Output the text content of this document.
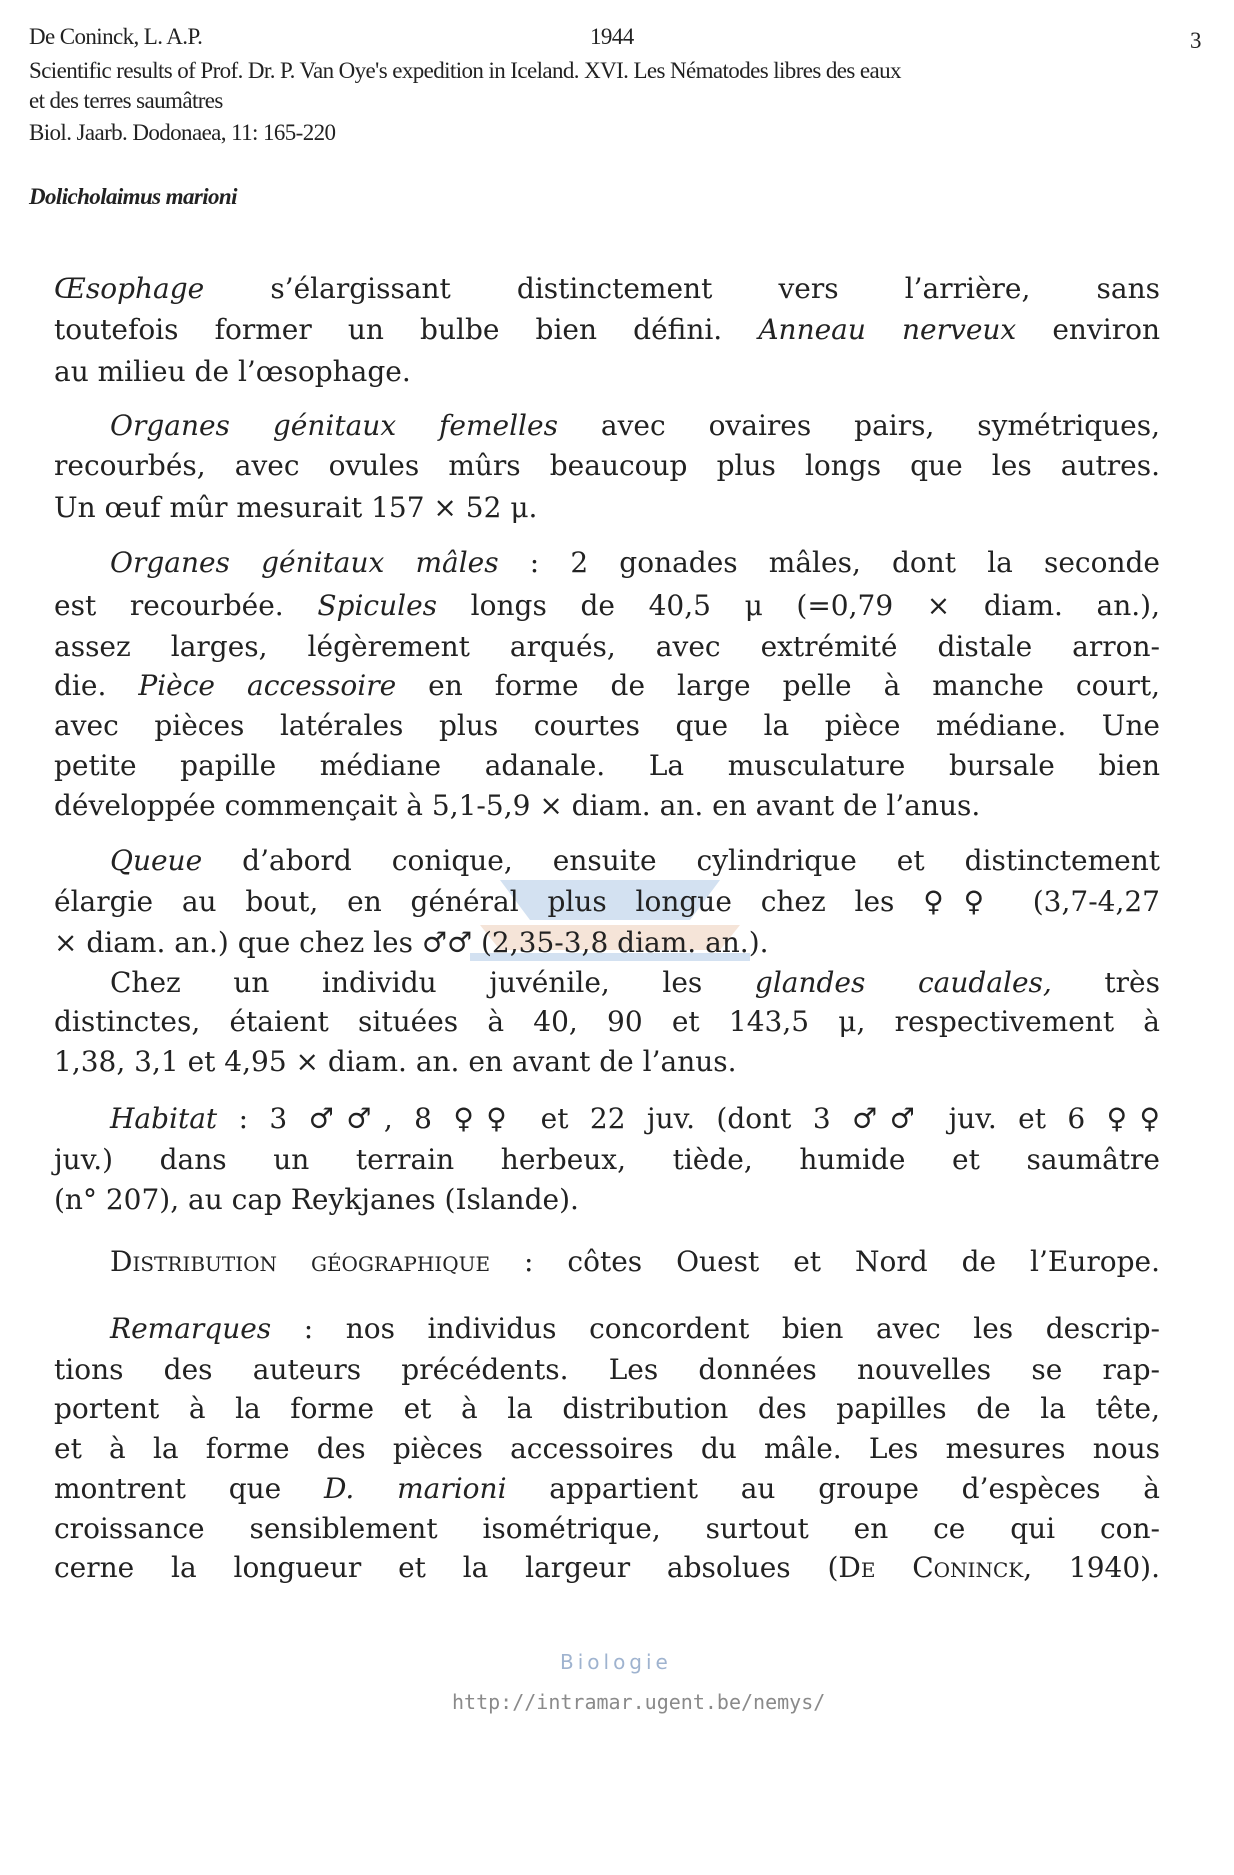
De Coninck, L. A.P.	1944	3
Scientific results of Prof. Dr. P. Van Oye's expedition in Iceland. XVI. Les Nématodes libres des eaux
et des terres saumâtres
Biol. Jaarb. Dodonaea, 11: 165-220
Dolicholaimus marioni
Biologie
http://intramar.ugent.be/nemys/
Œsophage s’élargissant distinctement vers l’arrière, sans
toutefois former un bulbe bien défini. Anneau nerveux environ
au milieu de l’œsophage.
  Organes génitaux femelles avec ovaires pairs, symétriques,
recourbés, avec ovules mûrs beaucoup plus longs que les autres.
Un œuf mûr mesurait 157 × 52 μ.
  Organes génitaux mâles : 2 gonades mâles, dont la seconde
est recourbée. Spicules longs de 40,5 μ (=0,79 × diam. an.),
assez larges, légèrement arqués, avec extrémité distale arron-
die. Pièce accessoire en forme de large pelle à manche court,
avec pièces latérales plus courtes que la pièce médiane. Une
petite papille médiane adanale. La musculature bursale bien
développée commençait à 5,1-5,9 × diam. an. en avant de l’anus.
  Queue d’abord conique, ensuite cylindrique et distinctement
élargie au bout, en général plus longue chez les ♀♀ (3,7-4,27
× diam. an.) que chez les ♂♂ (2,35-3,8 diam. an.).
  Chez un individu juvénile, les glandes caudales, très
distinctes, étaient situées à 40, 90 et 143,5 μ, respectivement à
1,38, 3,1 et 4,95 × diam. an. en avant de l’anus.
  Habitat : 3 ♂♂, 8 ♀♀ et 22 juv. (dont 3 ♂♂ juv. et 6 ♀♀
juv.) dans un terrain herbeux, tiède, humide et saumâtre
(n° 207), au cap Reykjanes (Islande).
  Distribution géographique : côtes Ouest et Nord de l’Europe.
  Remarques : nos individus concordent bien avec les descrip-
tions des auteurs précédents. Les données nouvelles se rap-
portent à la forme et à la distribution des papilles de la tête,
et à la forme des pièces accessoires du mâle. Les mesures nous
montrent que D. marioni appartient au groupe d’espèces à
croissance sensiblement isométrique, surtout en ce qui con-
cerne la longueur et la largeur absolues (De Coninck, 1940).
